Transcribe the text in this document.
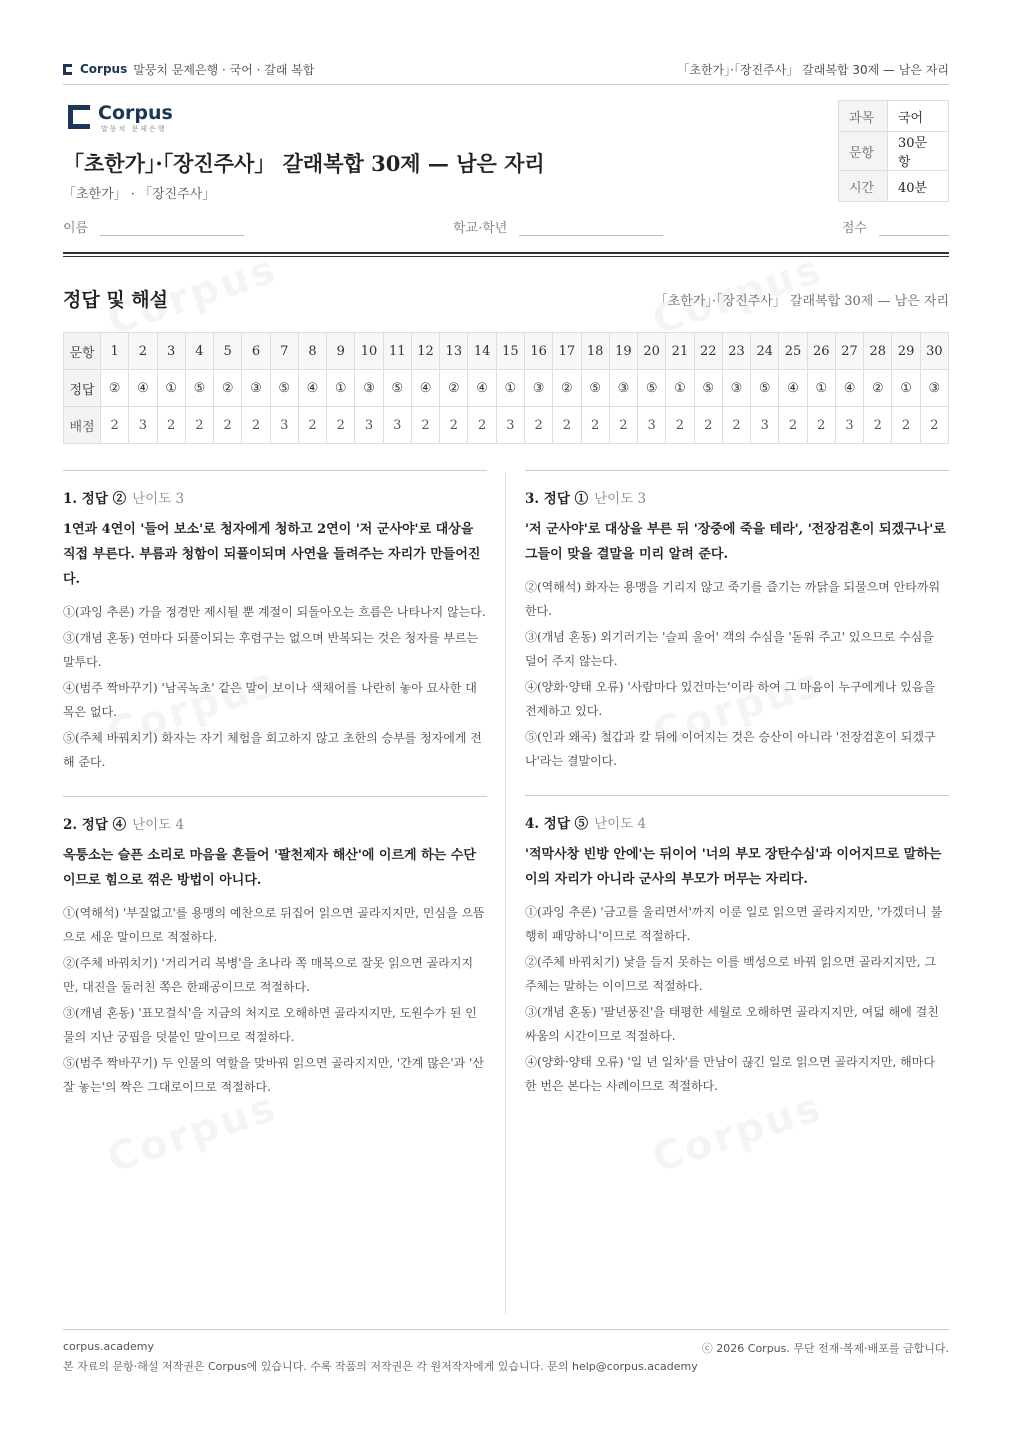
Corpus 말뭉치 문제은행 · 국어 · 갈래 복합	「초한가」·「장진주사」 갈래복합 30제 — 남은 자리
Corpus
말뭉치 문제은행
「초한가」·「장진주사」 갈래복합 30제 — 남은 자리
「초한가」 · 「장진주사」
과목	국어
문항	30문항
시간	40분
이름	학교·학년	점수
정답 및 해설	「초한가」·「장진주사」 갈래복합 30제 — 남은 자리
문항	1	2	3	4	5	6	7	8	9	10	11	12	13	14	15	16	17	18	19	20	21	22	23	24	25	26	27	28	29	30
정답	②	④	①	⑤	②	③	⑤	④	①	③	⑤	④	②	④	①	③	②	⑤	③	⑤	①	⑤	③	⑤	④	①	④	②	①	③
배점	2	3	2	2	2	2	3	2	2	3	3	2	2	2	3	2	2	2	2	3	2	2	2	3	2	2	3	2	2	2
1. 정답 ② 난이도 3
1연과 4연이 '들어 보소'로 청자에게 청하고 2연이 '저 군사야'로 대상을 직접 부른다. 부름과 청함이 되풀이되며 사연을 들려주는 자리가 만들어진다.
①(과잉 추론) 가을 정경만 제시될 뿐 계절이 되돌아오는 흐름은 나타나지 않는다.
③(개념 혼동) 연마다 되풀이되는 후렴구는 없으며 반복되는 것은 청자를 부르는 말투다.
④(범주 짝바꾸기) '남곡녹초' 같은 말이 보이나 색채어를 나란히 놓아 묘사한 대목은 없다.
⑤(주체 바꿔치기) 화자는 자기 체험을 회고하지 않고 초한의 승부를 청자에게 전해 준다.
2. 정답 ④ 난이도 4
옥퉁소는 슬픈 소리로 마음을 흔들어 '팔천제자 해산'에 이르게 하는 수단이므로 힘으로 꺾은 방법이 아니다.
①(역해석) '부질없고'를 용맹의 예찬으로 뒤집어 읽으면 골라지지만, 민심을 으뜸으로 세운 말이므로 적절하다.
②(주체 바꿔치기) '거리거리 복병'을 초나라 쪽 매복으로 잘못 읽으면 골라지지만, 대진을 둘러친 쪽은 한패공이므로 적절하다.
③(개념 혼동) '표모걸식'을 지금의 처지로 오해하면 골라지지만, 도원수가 된 인물의 지난 궁핍을 덧붙인 말이므로 적절하다.
⑤(범주 짝바꾸기) 두 인물의 역할을 맞바꿔 읽으면 골라지지만, '간계 많은'과 '산 잘 놓는'의 짝은 그대로이므로 적절하다.
3. 정답 ① 난이도 3
'저 군사야'로 대상을 부른 뒤 '장중에 죽을 테라', '전장검혼이 되겠구나'로 그들이 맞을 결말을 미리 알려 준다.
②(역해석) 화자는 용맹을 기리지 않고 죽기를 즐기는 까닭을 되물으며 안타까워한다.
③(개념 혼동) 외기러기는 '슬피 울어' 객의 수심을 '돋워 주고' 있으므로 수심을 덜어 주지 않는다.
④(양화·양태 오류) '사람마다 있건마는'이라 하여 그 마음이 누구에게나 있음을 전제하고 있다.
⑤(인과 왜곡) 철갑과 칼 뒤에 이어지는 것은 승산이 아니라 '전장검혼이 되겠구나'라는 결말이다.
4. 정답 ⑤ 난이도 4
'적막사창 빈방 안에'는 뒤이어 '너의 부모 장탄수심'과 이어지므로 말하는 이의 자리가 아니라 군사의 부모가 머무는 자리다.
①(과잉 추론) '금고를 울리면서'까지 이룬 일로 읽으면 골라지지만, '가겠더니 불행히 패망하니'이므로 적절하다.
②(주체 바꿔치기) 낯을 들지 못하는 이를 백성으로 바꿔 읽으면 골라지지만, 그 주체는 말하는 이이므로 적절하다.
③(개념 혼동) '팔년풍진'을 태평한 세월로 오해하면 골라지지만, 여덟 해에 걸친 싸움의 시간이므로 적절하다.
④(양화·양태 오류) '일 년 일차'를 만남이 끊긴 일로 읽으면 골라지지만, 해마다 한 번은 본다는 사례이므로 적절하다.
corpus.academy
본 자료의 문항·해설 저작권은 Corpus에 있습니다. 수록 작품의 저작권은 각 원저작자에게 있습니다. 문의 help@corpus.academy
ⓒ 2026 Corpus. 무단 전재·복제·배포를 금합니다.
